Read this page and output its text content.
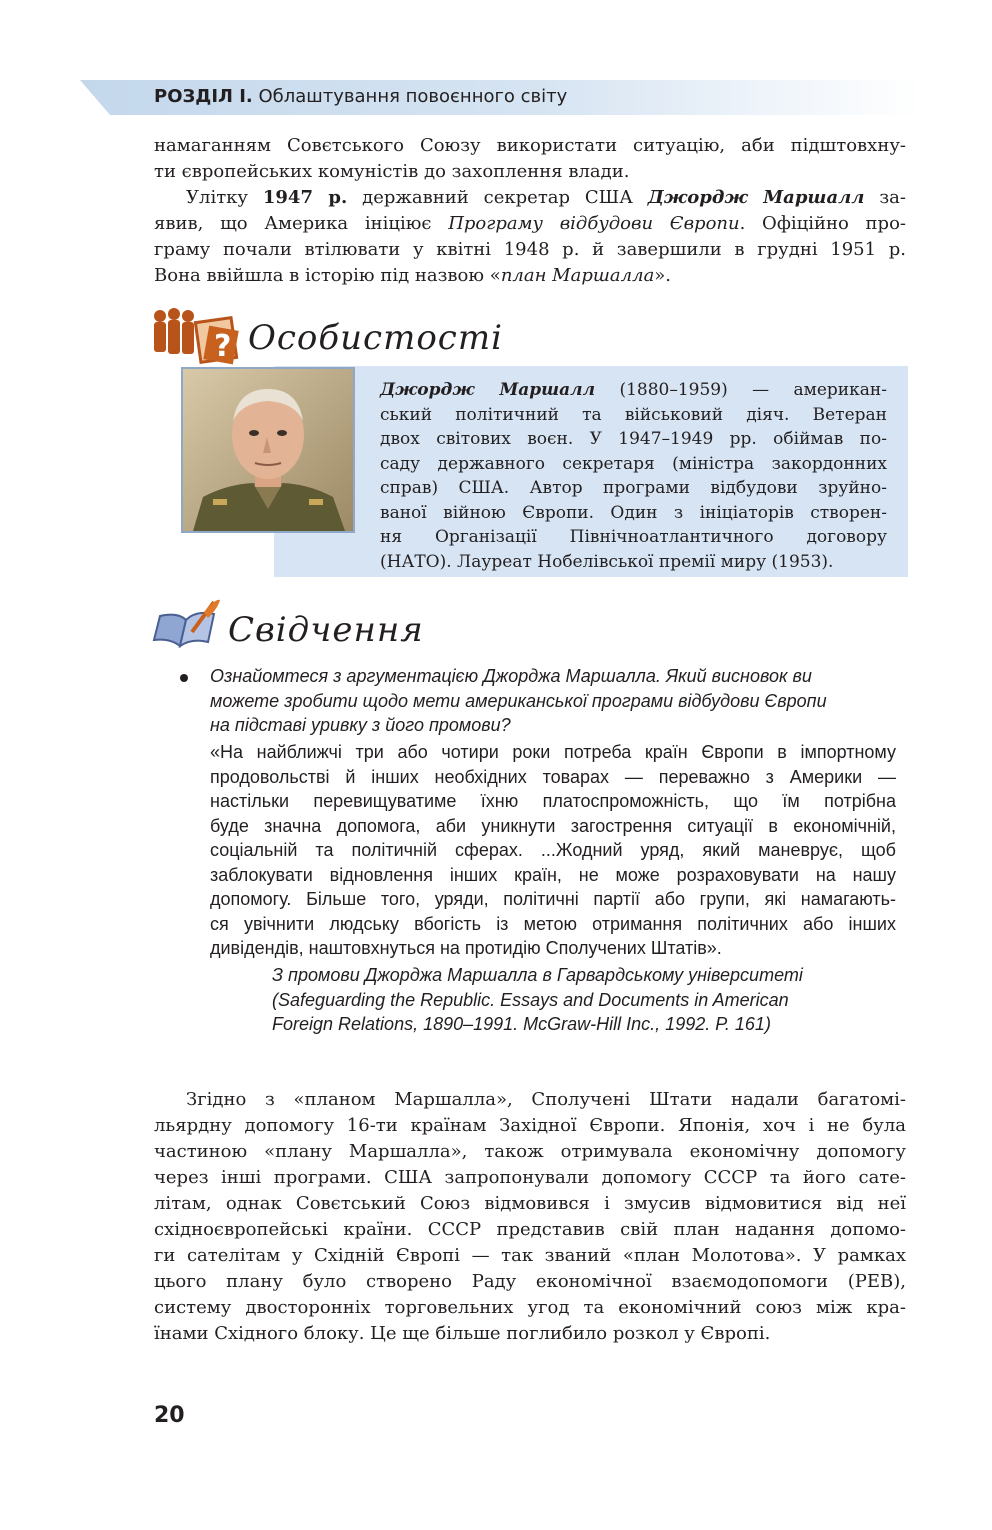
РОЗДІЛ І. Облаштування повоєнного світу
намаганням Совєтського Союзу використати ситуацію, аби підштовхну-
ти європейських комуністів до захоплення влади.
Улітку 1947 р. державний секретар США Джордж Маршалл за-
явив, що Америка ініціює Програму відбудови Європи. Офіційно про-
граму почали втілювати у квітні 1948 р. й завершили в грудні 1951 р.
Вона ввійшла в історію під назвою «план Маршалла».
? Особистості
Джордж Маршалл (1880–1959) — американ-
ський політичний та військовий діяч. Ветеран
двох світових воєн. У 1947–1949 рр. обіймав по-
саду державного секретаря (міністра закордонних
справ) США. Автор програми відбудови зруйно-
ваної війною Європи. Один з ініціаторів створен-
ня Організації Північноатлантичного договору
(НАТО). Лауреат Нобелівської премії миру (1953).
Свідчення
Ознайомтеся з аргументацією Джорджа Маршалла. Який висновок ви
можете зробити щодо мети американської програми відбудови Європи
на підставі уривку з його промови?
«На найближчі три або чотири роки потреба країн Європи в імпортному
продовольстві й інших необхідних товарах — переважно з Америки —
настільки перевищуватиме їхню платоспроможність, що їм потрібна
буде значна допомога, аби уникнути загострення ситуації в економічній,
соціальній та політичній сферах. ...Жодний уряд, який маневрує, щоб
заблокувати відновлення інших країн, не може розраховувати на нашу
допомогу. Більше того, уряди, політичні партії або групи, які намагають-
ся увічнити людську вбогість із метою отримання політичних або інших
дивідендів, наштовхнуться на протидію Сполучених Штатів».
З промови Джорджа Маршалла в Гарвардському університеті
(Safeguarding the Republic. Essays and Documents in American
Foreign Relations, 1890–1991. McGraw-Hill Inc., 1992. P. 161)
Згідно з «планом Маршалла», Сполучені Штати надали багатомі-
льярдну допомогу 16-ти країнам Західної Європи. Японія, хоч і не була
частиною «плану Маршалла», також отримувала економічну допомогу
через інші програми. США запропонували допомогу СССР та його сате-
літам, однак Совєтський Союз відмовився і змусив відмовитися від неї
східноєвропейські країни. СССР представив свій план надання допомо-
ги сателітам у Східній Європі — так званий «план Молотова». У рамках
цього плану було створено Раду економічної взаємодопомоги (РЕВ),
систему двосторонніх торговельних угод та економічний союз між кра-
їнами Східного блоку. Це ще більше поглибило розкол у Європі.
20
